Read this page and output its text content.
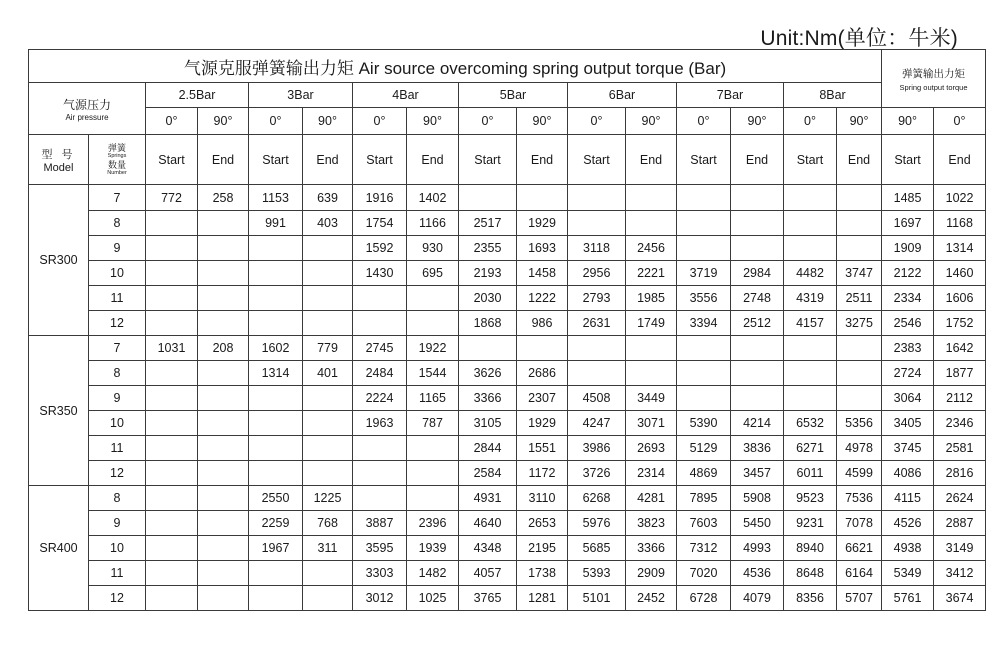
Unit:Nm(单位：牛米)
气源克服弹簧输出力矩 Air source overcoming spring output torque (Bar)																弹簧输出力矩
Spring output torque	

气源压力
Air pressure		2.5Bar		3Bar		4Bar		5Bar		6Bar		7Bar		8Bar			
		0°	90°	0°	90°	0°	90°	0°	90°	0°	90°	0°	90°	0°	90°	90°	0°

型 号
Model	弹簧
Springs
数量
Number	Start	End	Start	End	Start	End	Start	End	Start	End	Start	End	Start	End	Start	End
SR300	7	772	258	1153	639	1916	1402									1485	1022
	8			991	403	1754	1166	2517	1929							1697	1168
	9					1592	930	2355	1693	3118	2456					1909	1314
	10					1430	695	2193	1458	2956	2221	3719	2984	4482	3747	2122	1460
	11							2030	1222	2793	1985	3556	2748	4319	2511	2334	1606
	12							1868	986	2631	1749	3394	2512	4157	3275	2546	1752
SR350	7	1031	208	1602	779	2745	1922									2383	1642
	8			1314	401	2484	1544	3626	2686							2724	1877
	9					2224	1165	3366	2307	4508	3449					3064	2112
	10					1963	787	3105	1929	4247	3071	5390	4214	6532	5356	3405	2346
	11							2844	1551	3986	2693	5129	3836	6271	4978	3745	2581
	12							2584	1172	3726	2314	4869	3457	6011	4599	4086	2816
SR400	8			2550	1225			4931	3110	6268	4281	7895	5908	9523	7536	4115	2624
	9			2259	768	3887	2396	4640	2653	5976	3823	7603	5450	9231	7078	4526	2887
	10			1967	311	3595	1939	4348	2195	5685	3366	7312	4993	8940	6621	4938	3149
	11					3303	1482	4057	1738	5393	2909	7020	4536	8648	6164	5349	3412
	12					3012	1025	3765	1281	5101	2452	6728	4079	8356	5707	5761	3674
